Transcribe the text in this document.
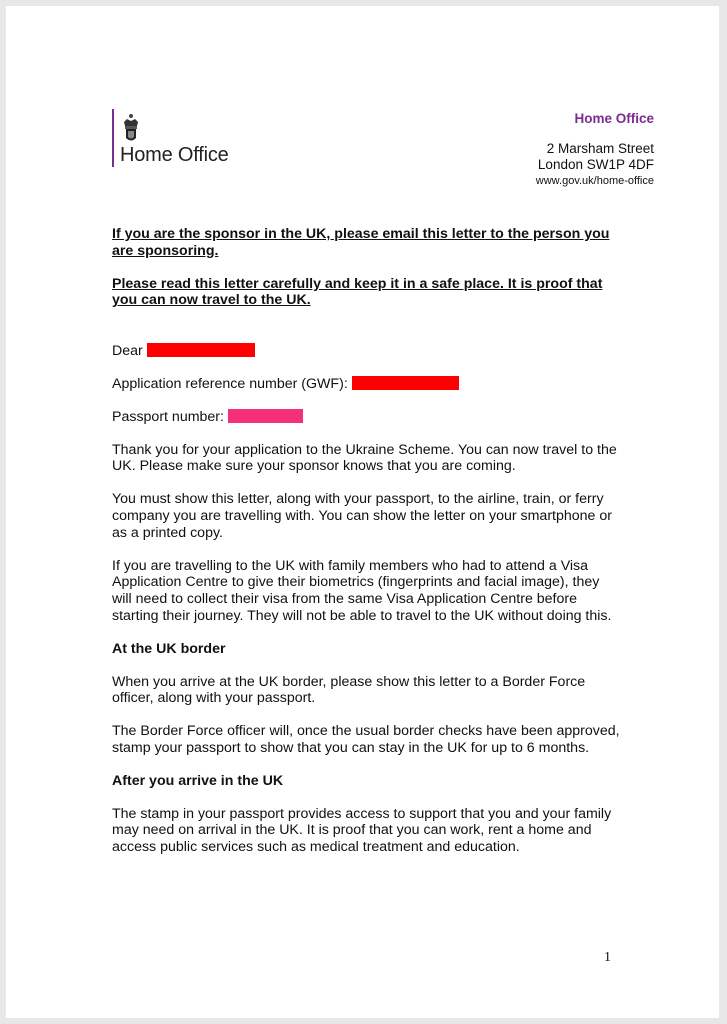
Home Office
Home Office
2 Marsham Street
London SW1P 4DF
www.gov.uk/home-office

If you are the sponsor in the UK, please email this letter to the person you are sponsoring.

Please read this letter carefully and keep it in a safe place. It is proof that you can now travel to the UK.

Dear

Application reference number (GWF):

Passport number:

Thank you for your application to the Ukraine Scheme. You can now travel to the UK. Please make sure your sponsor knows that you are coming.

You must show this letter, along with your passport, to the airline, train, or ferry company you are travelling with. You can show the letter on your smartphone or as a printed copy.

If you are travelling to the UK with family members who had to attend a Visa Application Centre to give their biometrics (fingerprints and facial image), they will need to collect their visa from the same Visa Application Centre before starting their journey. They will not be able to travel to the UK without doing this.

At the UK border

When you arrive at the UK border, please show this letter to a Border Force officer, along with your passport.

The Border Force officer will, once the usual border checks have been approved, stamp your passport to show that you can stay in the UK for up to 6 months.

After you arrive in the UK

The stamp in your passport provides access to support that you and your family may need on arrival in the UK. It is proof that you can work, rent a home and access public services such as medical treatment and education.

1
